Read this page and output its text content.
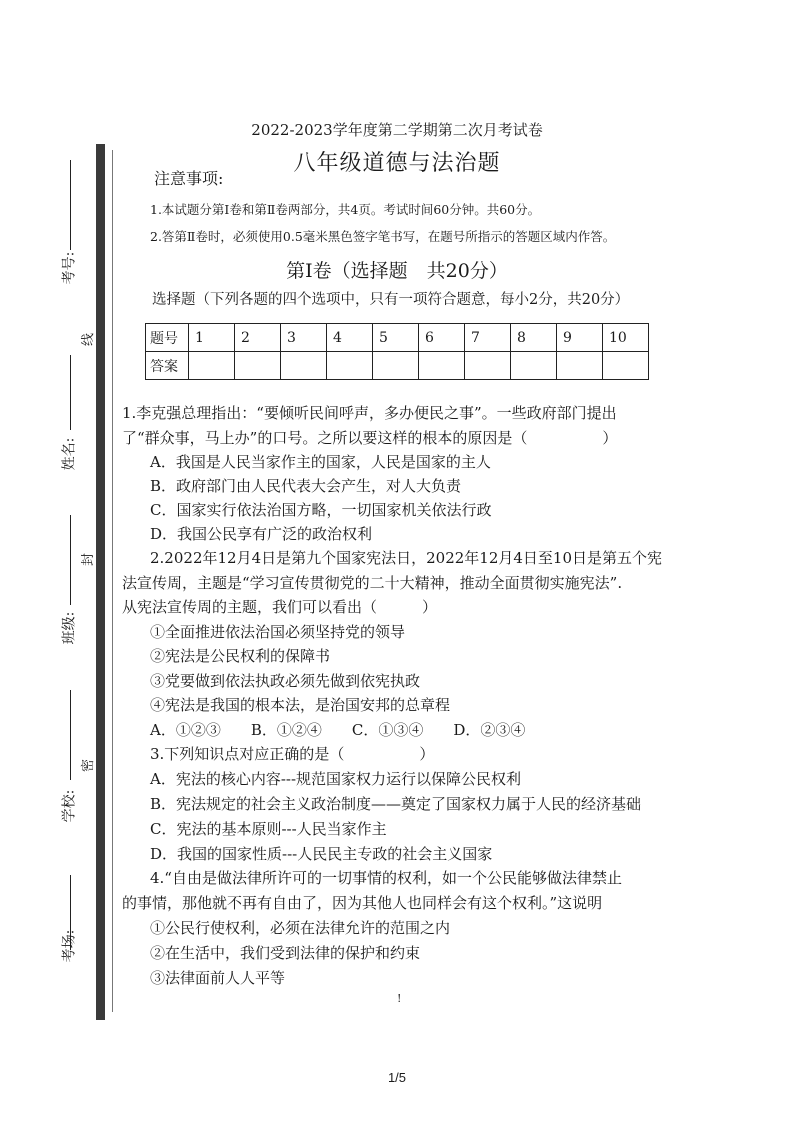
考号:
姓名:
班级:
学校:
考场:
线
封
密
2022-2023学年度第二学期第二次月考试卷
八年级道德与法治题
注意事项:
1.本试题分第Ⅰ卷和第Ⅱ卷两部分，共4页。考试时间60分钟。共60分。
2.答第Ⅱ卷时，必须使用0.5毫米黑色签字笔书写，在题号所指示的答题区域内作答。
第Ⅰ卷（选择题　共20分）
选择题（下列各题的四个选项中，只有一项符合题意，每小2分，共20分）
题号	1	2	3	4	5	6	7	8	9	10
答案										
1.李克强总理指出：“要倾听民间呼声，多办便民之事”。一些政府部门提出
了“群众事，马上办”的口号。之所以要这样的根本的原因是（　　　　　）
A．我国是人民当家作主的国家，人民是国家的主人
B．政府部门由人民代表大会产生，对人大负责
C．国家实行依法治国方略，一切国家机关依法行政
D．我国公民享有广泛的政治权利
2.2022年12月4日是第九个国家宪法日，2022年12月4日至10日是第五个宪
法宣传周，主题是“学习宣传贯彻党的二十大精神，推动全面贯彻实施宪法”.
从宪法宣传周的主题，我们可以看出（　　　）
①全面推进依法治国必须坚持党的领导
②宪法是公民权利的保障书
③党要做到依法执政必须先做到依宪执政
④宪法是我国的根本法，是治国安邦的总章程
A．①②③　　B．①②④　　C．①③④　　D．②③④
3.下列知识点对应正确的是（　　　　　）
A．宪法的核心内容---规范国家权力运行以保障公民权利
B．宪法规定的社会主义政治制度——奠定了国家权力属于人民的经济基础
C．宪法的基本原则---人民当家作主
D．我国的国家性质---人民民主专政的社会主义国家
4.“自由是做法律所许可的一切事情的权利，如一个公民能够做法律禁止
的事情，那他就不再有自由了，因为其他人也同样会有这个权利。”这说明
①公民行使权利，必须在法律允许的范围之内
②在生活中，我们受到法律的保护和约束
③法律面前人人平等
!
1/5
